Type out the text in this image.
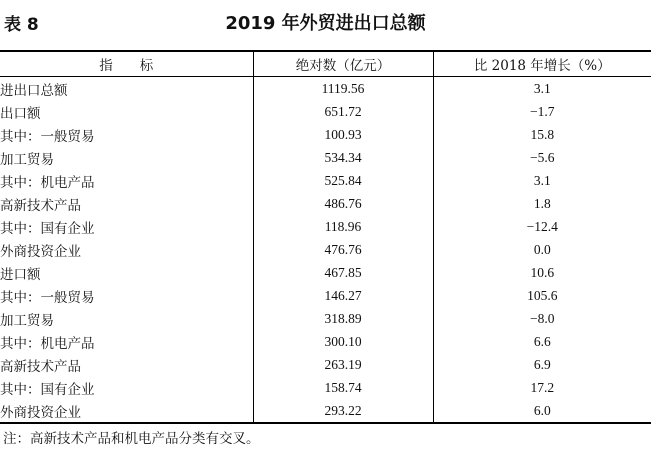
表 8	2019 年外贸进出口总额
指　　标	绝对数（亿元）	比 2018 年增长（%）
进出口总额	1119.56	3.1
出口额	651.72	−1.7
其中：一般贸易	100.93	15.8
加工贸易	534.34	−5.6
其中：机电产品	525.84	3.1
高新技术产品	486.76	1.8
其中：国有企业	118.96	−12.4
外商投资企业	476.76	0.0
进口额	467.85	10.6
其中：一般贸易	146.27	105.6
加工贸易	318.89	−8.0
其中：机电产品	300.10	6.6
高新技术产品	263.19	6.9
其中：国有企业	158.74	17.2
外商投资企业	293.22	6.0
注：高新技术产品和机电产品分类有交叉。
